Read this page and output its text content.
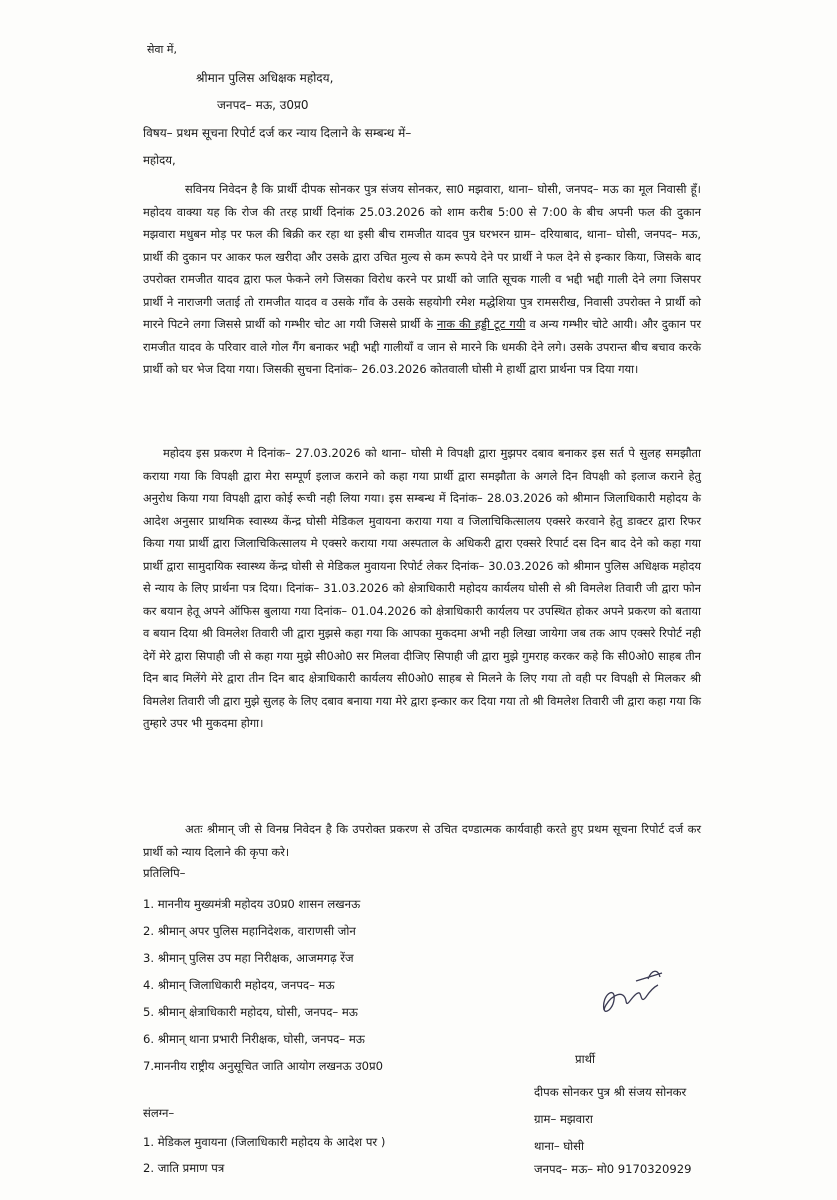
सेवा में,
श्रीमान पुलिस अधिक्षक महोदय,
जनपद– मऊ, उ0प्र0
विषय– प्रथम सूचना रिपोर्ट दर्ज कर न्याय दिलाने के सम्बन्ध में–
महोदय,
सविनय निवेदन है कि प्रार्थी दीपक सोनकर पुत्र संजय सोनकर, सा0 मझवारा, थाना– घोसी, जनपद– मऊ का मूल निवासी हूँ। महोदय वाक्या यह कि रोज की तरह प्रार्थी दिनांक 25.03.2026 को शाम करीब 5:00 से 7:00 के बीच अपनी फल की दुकान मझवारा मधुबन मोड़ पर फल की बिक्री कर रहा था इसी बीच रामजीत यादव पुत्र घरभरन ग्राम– दरियाबाद, थाना– घोसी, जनपद– मऊ, प्रार्थी की दुकान पर आकर फल खरीदा और उसके द्वारा उचित मुल्य से कम रूपये देने पर प्रार्थी ने फल देने से इन्कार किया, जिसके बाद उपरोक्त रामजीत यादव द्वारा फल फेकने लगे जिसका विरोध करने पर प्रार्थी को जाति सूचक गाली व भद्दी भद्दी गाली देने लगा जिसपर प्रार्थी ने नाराजगी जताई तो रामजीत यादव व उसके गाँव के उसके सहयोगी रमेश मद्धेशिया पुत्र रामसरीख, निवासी उपरोक्त ने प्रार्थी को मारने पिटने लगा जिससे प्रार्थी को गम्भीर चोट आ गयी जिससे प्रार्थी के नाक की हड्डी टूट गयी व अन्य गम्भीर चोटे आयी। और दुकान पर रामजीत यादव के परिवार वाले गोल गैंग बनाकर भद्दी भद्दी गालीयाँ व जान से मारने कि धमकी देने लगे। उसके उपरान्त बीच बचाव करके प्रार्थी को घर भेज दिया गया। जिसकी सुचना दिनांक– 26.03.2026 कोतवाली घोसी मे हार्थी द्वारा प्रार्थना पत्र दिया गया।
महोदय इस प्रकरण मे दिनांक– 27.03.2026 को थाना– घोसी मे विपक्षी द्वारा मुझपर दबाव बनाकर इस सर्त पे सुलह समझौता कराया गया कि विपक्षी द्वारा मेरा सम्पूर्ण इलाज कराने को कहा गया प्रार्थी द्वारा समझौता के अगले दिन विपक्षी को इलाज कराने हेतु अनुरोध किया गया विपक्षी द्वारा कोई रूची नही लिया गया। इस सम्बन्ध में दिनांक– 28.03.2026 को श्रीमान जिलाधिकारी महोदय के आदेश अनुसार प्राथमिक स्वास्थ्य केंन्द्र घोसी मेडिकल मुवायना कराया गया व जिलाचिकित्सालय एक्सरे करवाने हेतु डाक्टर द्वारा रिफर किया गया प्रार्थी द्वारा जिलाचिकित्सालय मे एक्सरे कराया गया अस्पताल के अधिकरी द्वारा एक्सरे रिपार्ट दस दिन बाद देने को कहा गया प्रार्थी द्वारा सामुदायिक स्वास्थ्य केंन्द्र घोसी से मेडिकल मुवायना रिपोर्ट लेकर दिनांक– 30.03.2026 को श्रीमान पुलिस अधिक्षक महोदय से न्याय के लिए प्रार्थना पत्र दिया। दिनांक– 31.03.2026 को क्षेत्राधिकारी महोदय कार्यलय घोसी से श्री विमलेश तिवारी जी द्वारा फोन कर बयान हेतू अपने ऑफिस बुलाया गया दिनांक– 01.04.2026 को क्षेत्राधिकारी कार्यलय पर उपस्थित होकर अपने प्रकरण को बताया व बयान दिया श्री विमलेश तिवारी जी द्वारा मुझसे कहा गया कि आपका मुकदमा अभी नही लिखा जायेगा जब तक आप एक्सरे रिपोर्ट नही देगें मेरे द्वारा सिपाही जी से कहा गया मुझे सी0ओ0 सर मिलवा दीजिए सिपाही जी द्वारा मुझे गुमराह करकर कहे कि सी0ओ0 साहब तीन दिन बाद मिलेंगे मेरे द्वारा तीन दिन बाद क्षेत्राधिकारी कार्यलय सी0ओ0 साहब से मिलने के लिए गया तो वही पर विपक्षी से मिलकर श्री विमलेश तिवारी जी द्वारा मुझे सुलह के लिए दबाव बनाया गया मेरे द्वारा इन्कार कर दिया गया तो श्री विमलेश तिवारी जी द्वारा कहा गया कि तुम्हारे उपर भी मुकदमा होगा।
अतः श्रीमान् जी से विनम्र निवेदन है कि उपरोक्त प्रकरण से उचित दण्डात्मक कार्यवाही करते हुए प्रथम सूचना रिपोर्ट दर्ज कर प्रार्थी को न्याय दिलाने की कृपा करे।
प्रतिलिपि–
1. माननीय मुख्यमंत्री महोदय उ0प्र0 शासन लखनऊ
2. श्रीमान् अपर पुलिस महानिदेशक, वाराणसी जोन
3. श्रीमान् पुलिस उप महा निरीक्षक, आजमगढ़ रेंज
4. श्रीमान् जिलाधिकारी महोदय, जनपद– मऊ
5. श्रीमान् क्षेत्राधिकारी महोदय, घोसी, जनपद– मऊ
6. श्रीमान् थाना प्रभारी निरीक्षक, घोसी, जनपद– मऊ
7.माननीय राष्ट्रीय अनुसूचित जाति आयोग लखनऊ उ0प्र0	प्रार्थी
दीपक सोनकर पुत्र श्री संजय सोनकर
ग्राम– मझवारा
थाना– घोसी
जनपद– मऊ– मो0 9170320929
संलग्न–
1. मेडिकल मुवायना (जिलाधिकारी महोदय के आदेश पर )
2. जाति प्रमाण पत्र
